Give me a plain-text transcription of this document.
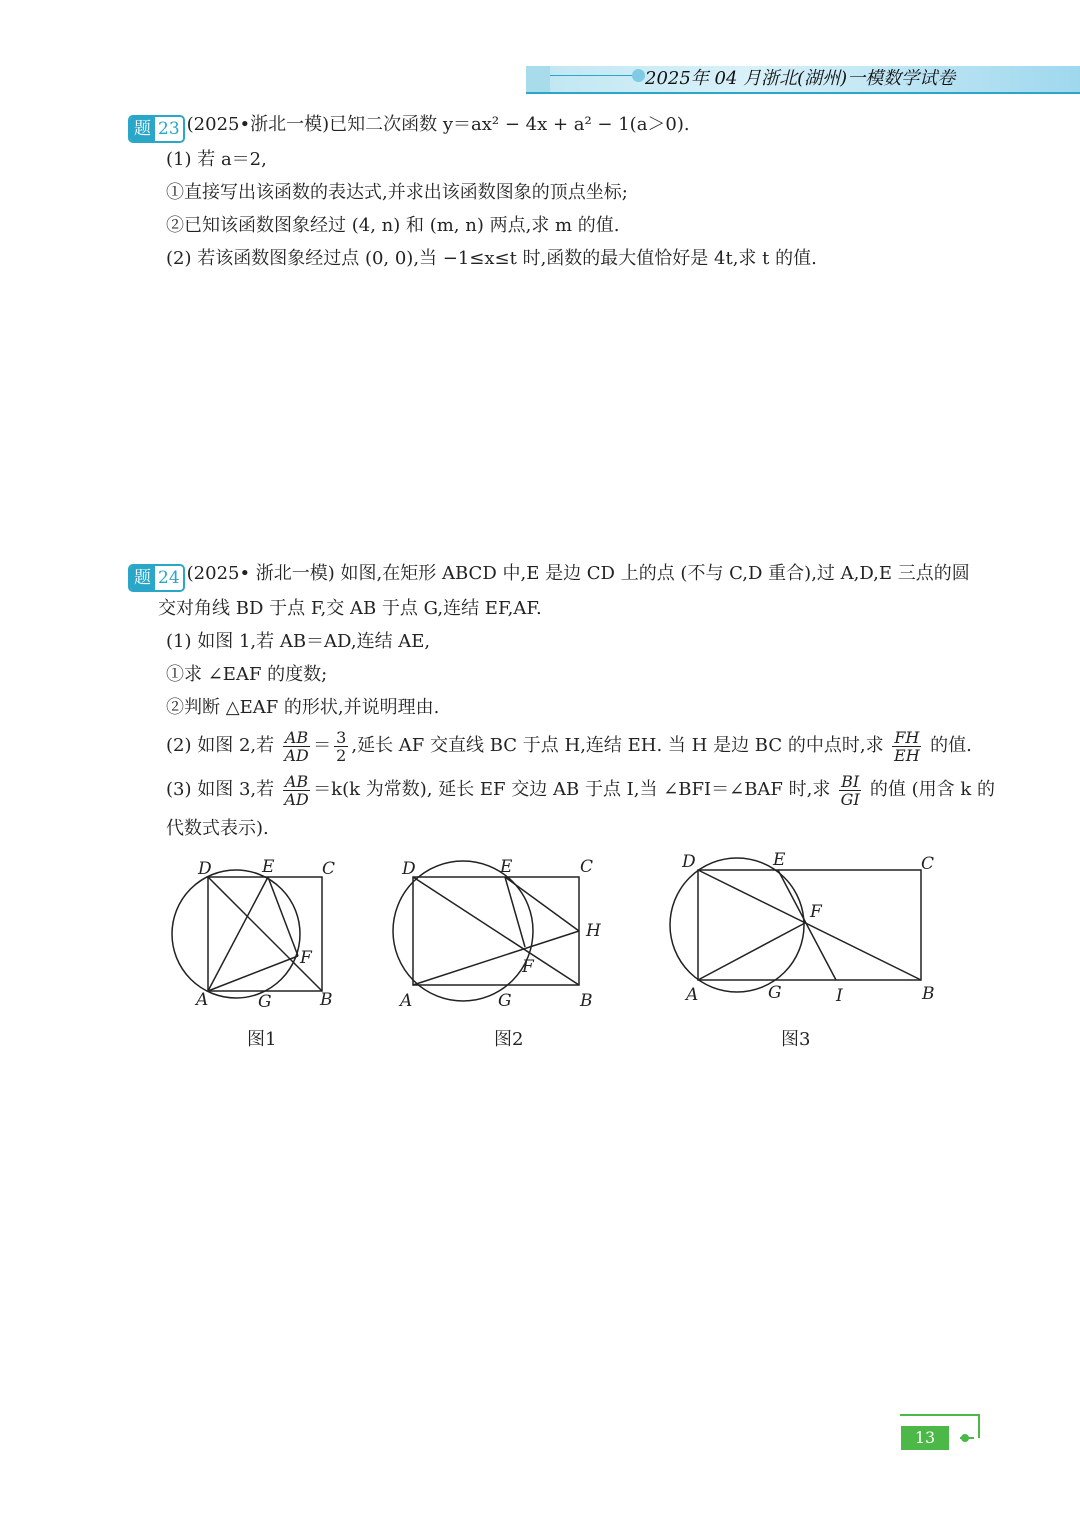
2025年 04 月浙北(湖州)一模数学试卷
题 23 (2025•浙北一模)已知二次函数 y＝ax² − 4x + a² − 1(a＞0).
(1) 若 a＝2,
①直接写出该函数的表达式,并求出该函数图象的顶点坐标;
②已知该函数图象经过 (4, n) 和 (m, n) 两点,求 m 的值.
(2) 若该函数图象经过点 (0, 0),当 −1≤x≤t 时,函数的最大值恰好是 4t,求 t 的值.
题 24 (2025• 浙北一模) 如图,在矩形 ABCD 中,E 是边 CD 上的点 (不与 C,D 重合),过 A,D,E 三点的圆
交对角线 BD 于点 F,交 AB 于点 G,连结 EF,AF.
(1) 如图 1,若 AB＝AD,连结 AE,
①求 ∠EAF 的度数;
②判断 △EAF 的形状,并说明理由.
(2) 如图 2,若 $\frac{AB}{AD} = \frac{3}{2}$ ,延长 AF 交直线 BC 于点 H,连结 EH. 当 H 是边 BC 的中点时,求 $\frac{FH}{EH}$ 的值.
(3) 如图 3,若 $\frac{AB}{AD} =k(k$ 为常数), 延长 EF 交边 AB 于点 I,当 ∠BFI＝∠BAF 时,求 $\frac{BI}{GI}$ 的值 (用含 k 的
代数式表示).
D	E	C
F
A	G	B
图1
D	E	C
H
F
A	G	B
图2
D	E	C
F
A	G	I	B
图3
13
